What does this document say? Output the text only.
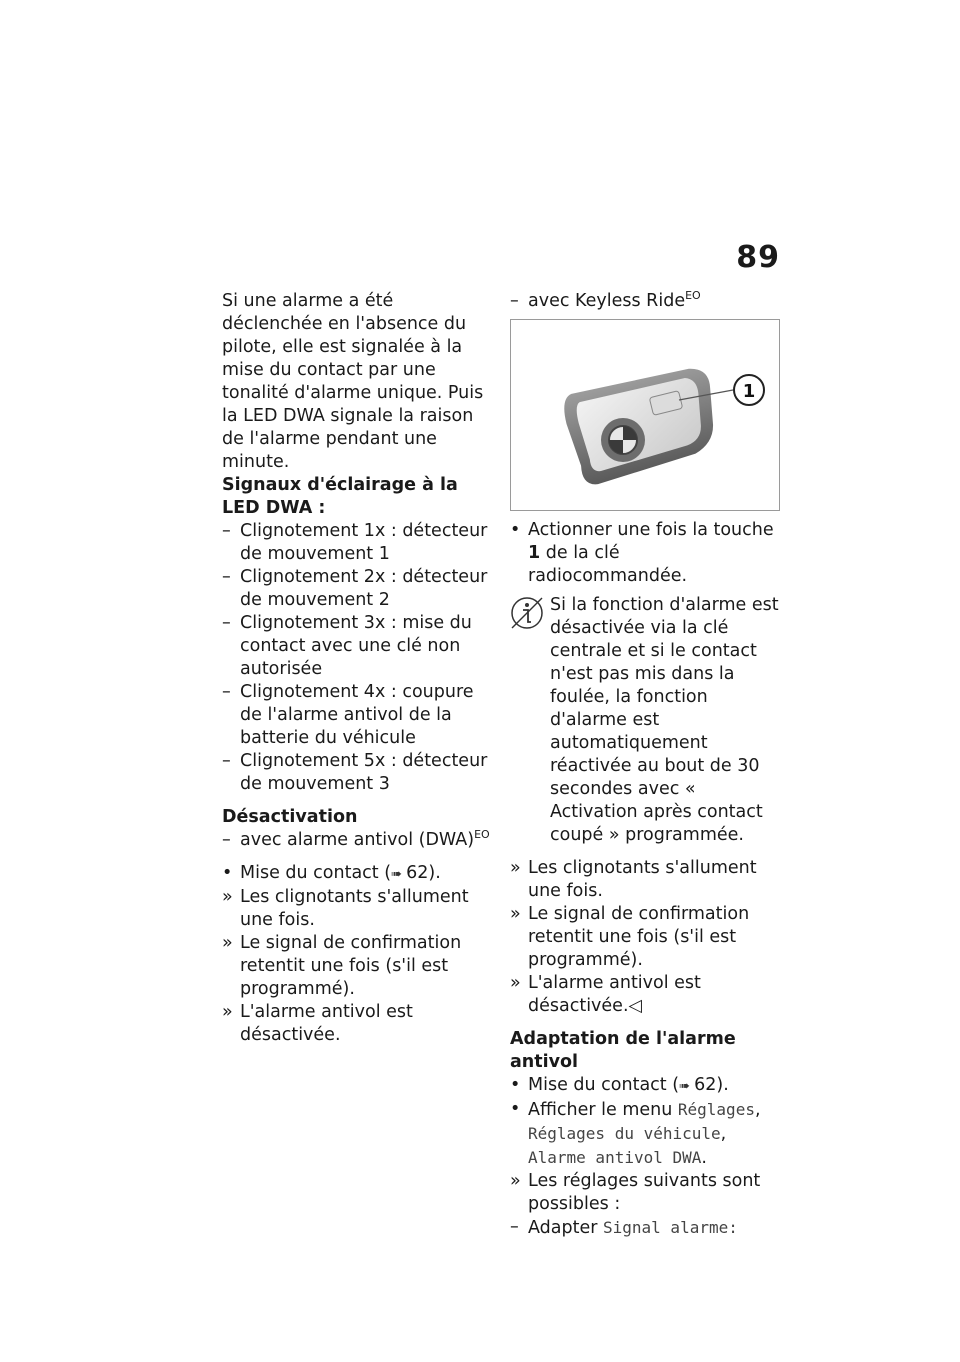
89

Si une alarme a été déclenchée en l'absence du pilote, elle est signalée à la mise du contact par une tonalité d'alarme unique. Puis la LED DWA signale la raison de l'alarme pendant une minute.

Signaux d'éclairage à la LED DWA :

– Clignotement 1x : détecteur de mouvement 1
– Clignotement 2x : détecteur de mouvement 2
– Clignotement 3x : mise du contact avec une clé non autorisée
– Clignotement 4x : coupure de l'alarme antivol de la batterie du véhicule
– Clignotement 5x : détecteur de mouvement 3

Désactivation

– avec alarme antivol (DWA)$^{EO}$
• Mise du contact (➠ 62).
» Les clignotants s'allument une fois.
» Le signal de confirmation retentit une fois (s'il est programmé).
» L'alarme antivol est désactivée.
– avec Keyless Ride$^{EO}$
1
• Actionner une fois la touche 1 de la clé radiocommandée.
Si la fonction d'alarme est désactivée via la clé centrale et si le contact n'est pas mis dans la foulée, la fonction d'alarme est automatiquement réactivée au bout de 30 secondes avec « Activation après contact coupé » programmée.
» Les clignotants s'allument une fois.
» Le signal de confirmation retentit une fois (s'il est programmé).
» L'alarme antivol est désactivée.◁

Adaptation de l'alarme antivol

• Mise du contact (➠ 62).
• Afficher le menu Réglages, Réglages du véhicule, Alarme antivol DWA.
» Les réglages suivants sont possibles :
– Adapter Signal alarme:
